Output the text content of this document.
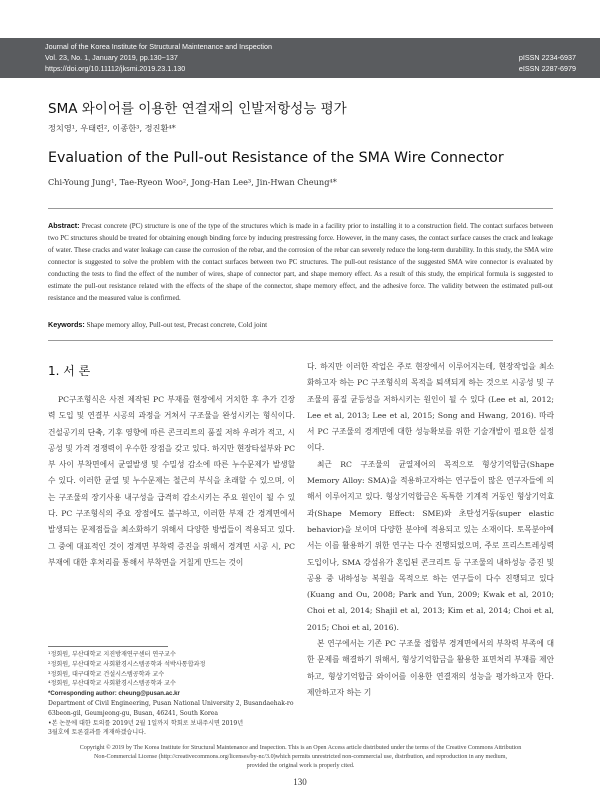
Journal of the Korea Institute for Structural Maintenance and Inspection
Vol. 23, No. 1, January 2019, pp.130~137
https://doi.org/10.11112/jksmi.2019.23.1.130
pISSN 2234-6937
eISSN 2287-6979
SMA 와이어를 이용한 연결재의 인발저항성능 평가
정치영¹, 우태련², 이종한³, 정진환⁴*
Evaluation of the Pull-out Resistance of the SMA Wire Connector
Chi-Young Jung¹, Tae-Ryeon Woo², Jong-Han Lee³, Jin-Hwan Cheung⁴*
Abstract: Precast concrete (PC) structure is one of the type of the structures which is made in a facility prior to installing it to a construction field. The contact surfaces between two PC structures should be treated for obtaining enough binding force by inducing prestressing force. However, in the many cases, the contact surface causes the crack and leakage of water. These cracks and water leakage can cause the corrosion of the rebar, and the corrosion of the rebar can severely reduce the long-term durability. In this study, the SMA wire connector is suggested to solve the problem with the contact surfaces between two PC structures. The pull-out resistance of the suggested SMA wire connector is evaluated by conducting the tests to find the effect of the number of wires, shape of connector part, and shape memory effect. As a result of this study, the empirical formula is suggested to estimate the pull-out resistance related with the effects of the shape of the connector, shape memory effect, and the adhesive force. The validity between the estimated pull-out resistance and the measured value is confirmed.
Keywords: Shape memory alloy, Pull-out test, Precast concrete, Cold joint
1. 서 론

PC구조형식은 사전 제작된 PC 부재를 현장에서 거치한 후 추가 긴장력 도입 및 연결부 시공의 과정을 거쳐서 구조물을 완성시키는 형식이다. 건설공기의 단축, 기후 영향에 따른 콘크리트의 품질 저하 우려가 적고, 시공성 및 가격 경쟁력이 우수한 장점을 갖고 있다. 하지만 현장타설부와 PC부 사이 부착면에서 균열발생 및 수밀성 감소에 따른 누수문제가 발생할 수 있다. 이러한 균열 및 누수문제는 철근의 부식을 초래할 수 있으며, 이는 구조물의 장기사용 내구성을 급격히 감소시키는 주요 원인이 될 수 있다. PC 구조형식의 주요 장점에도 불구하고, 이러한 부재 간 경계면에서 발생되는 문제점들을 최소화하기 위해서 다양한 방법들이 적용되고 있다. 그 중에 대표적인 것이 경계면 부착력 증진을 위해서 경계면 시공 시, PC 부재에 대한 후처리를 통해서 부착면을 거칠게 만드는 것이

다. 하지만 이러한 작업은 주로 현장에서 이루어지는데, 현장작업을 최소화하고자 하는 PC 구조형식의 목적을 퇴색되게 하는 것으로 시공성 및 구조물의 품질 균등성을 저하시키는 원인이 될 수 있다 (Lee et al, 2012; Lee et al, 2013; Lee et al, 2015; Song and Hwang, 2016). 따라서 PC 구조물의 경계면에 대한 성능확보를 위한 기술개발이 필요한 실정이다.

최근 RC 구조물의 균열제어의 목적으로 형상기억합금(Shape Memory Alloy: SMA)을 적용하고자하는 연구들이 많은 연구자들에 의해서 이루어지고 있다. 형상기억합금은 독특한 기계적 거동인 형상기억효과(Shape Memory Effect: SME)와 초탄성거동(super elastic behavior)을 보이며 다양한 분야에 적용되고 있는 소재이다. 토목분야에서는 이를 활용하기 위한 연구는 다수 진행되었으며, 주로 프리스트레싱력 도입이나, SMA 강섬유가 혼입된 콘크리트 등 구조물의 내하성능 증진 및 공용 중 내하성능 복원을 목적으로 하는 연구들이 다수 진행되고 있다 (Kuang and Ou, 2008; Park and Yun, 2009; Kwak et al, 2010; Choi et al, 2014; Shajil et al, 2013; Kim et al, 2014; Choi et al, 2015; Choi et al, 2016).

본 연구에서는 기존 PC 구조물 접합부 경계면에서의 부착력 부족에 대한 문제를 해결하기 위해서, 형상기억합금을 활용한 표면처리 부재를 제안하고, 형상기억합금 와이어를 이용한 연결재의 성능을 평가하고자 한다. 제안하고자 하는 기

¹정회원, 부산대학교 지진방재연구센터 연구교수
²정회원, 부산대학교 사회환경시스템공학과 석박사통합과정
³정회원, 대구대학교 건설시스템공학과 교수
⁴정회원, 부산대학교 사회환경시스템공학과 교수
*Corresponding author: cheung@pusan.ac.kr
Department of Civil Engineering, Pusan National University 2, Busandaehak-ro
63beon-gil, Geumjeong-gu, Busan, 46241, South Korea
•본 논문에 대한 토의를 2019년 2월 1일까지 학회로 보내주시면 2019년
3월호에 토론결과를 게재하겠습니다.
Copyright © 2019 by The Korea Institute for Structural Maintenance and Inspection. This is an Open Access article distributed under the terms of the Creative Commons Attribution
Non-Commercial License (http://creativecommons.org/licenses/by-nc/3.0)which permits unrestricted non-commercial use, distribution, and reproduction in any medium,
provided the original work is properly cited.
130
